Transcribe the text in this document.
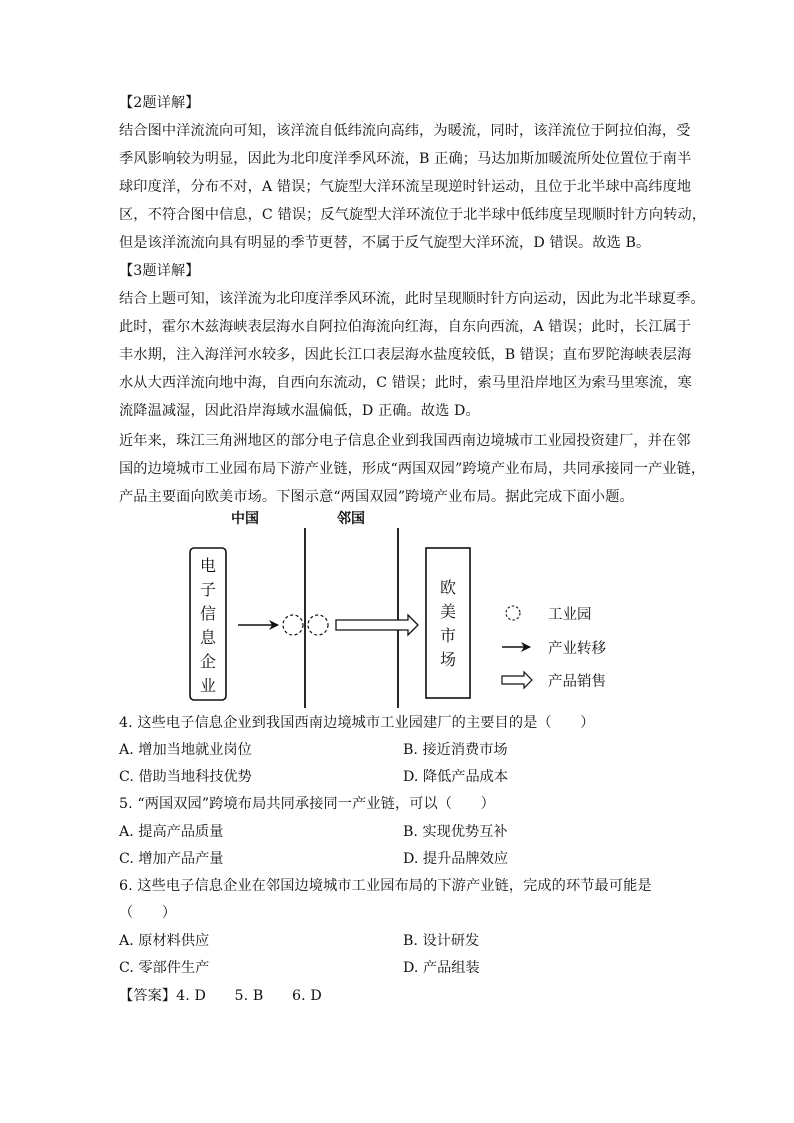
【2题详解】
结合图中洋流流向可知，该洋流自低纬流向高纬，为暖流，同时，该洋流位于阿拉伯海，受
季风影响较为明显，因此为北印度洋季风环流，B 正确；马达加斯加暖流所处位置位于南半
球印度洋，分布不对，A 错误；气旋型大洋环流呈现逆时针运动，且位于北半球中高纬度地
区，不符合图中信息，C 错误；反气旋型大洋环流位于北半球中低纬度呈现顺时针方向转动，
但是该洋流流向具有明显的季节更替，不属于反气旋型大洋环流，D 错误。故选 B。
【3题详解】
结合上题可知，该洋流为北印度洋季风环流，此时呈现顺时针方向运动，因此为北半球夏季。
此时，霍尔木兹海峡表层海水自阿拉伯海流向红海，自东向西流，A 错误；此时，长江属于
丰水期，注入海洋河水较多，因此长江口表层海水盐度较低，B 错误；直布罗陀海峡表层海
水从大西洋流向地中海，自西向东流动，C 错误；此时，索马里沿岸地区为索马里寒流，寒
流降温减湿，因此沿岸海域水温偏低，D 正确。故选 D。
近年来，珠江三角洲地区的部分电子信息企业到我国西南边境城市工业园投资建厂，并在邻
国的边境城市工业园布局下游产业链，形成“两国双园”跨境产业布局，共同承接同一产业链，
产品主要面向欧美市场。下图示意“两国双园”跨境产业布局。据此完成下面小题。
中国	邻国
电
子
信
息
企
业
欧
美
市
场
工业园
产业转移
产品销售
4. 这些电子信息企业到我国西南边境城市工业园建厂的主要目的是（　　）
A. 增加当地就业岗位	B. 接近消费市场
C. 借助当地科技优势	D. 降低产品成本
5. “两国双园”跨境布局共同承接同一产业链，可以（　　）
A. 提高产品质量	B. 实现优势互补
C. 增加产品产量	D. 提升品牌效应
6. 这些电子信息企业在邻国边境城市工业园布局的下游产业链，完成的环节最可能是
（　　）
A. 原材料供应	B. 设计研发
C. 零部件生产	D. 产品组装
【答案】4. D　　5. B　　6. D
